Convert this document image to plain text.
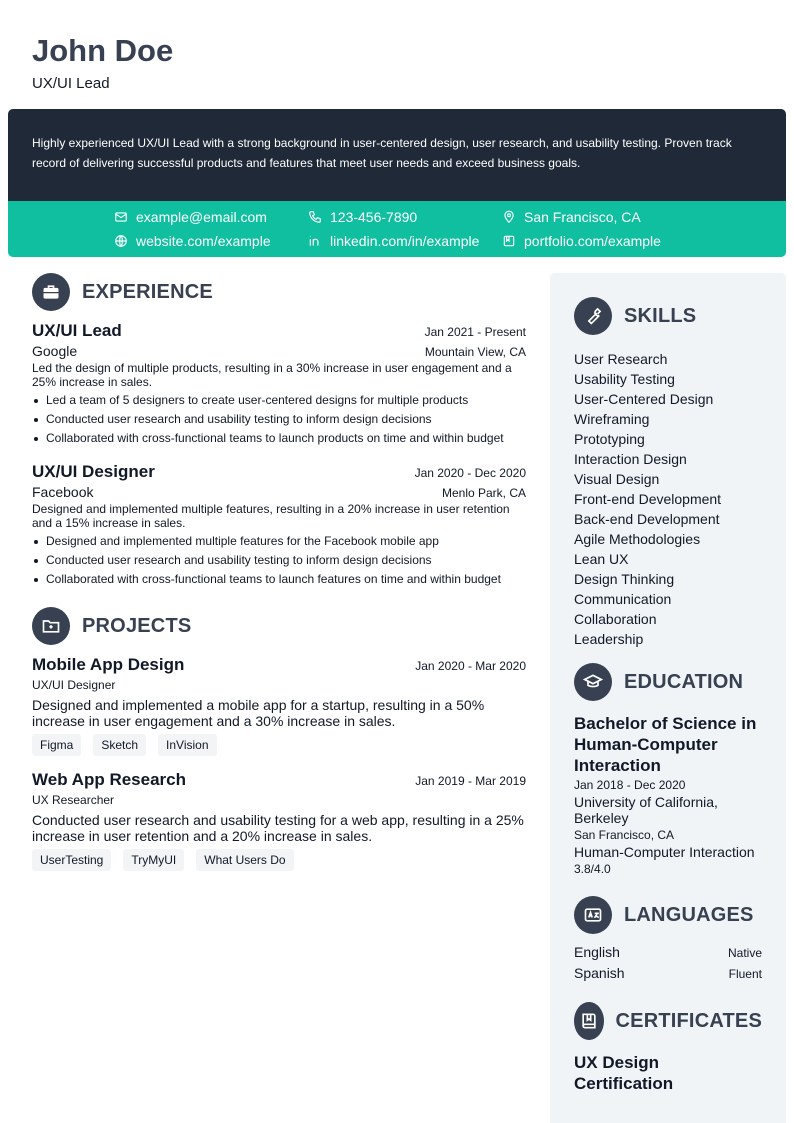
John Doe
UX/UI Lead

Highly experienced UX/UI Lead with a strong background in user-centered design, user research, and usability testing. Proven track record of delivering successful products and features that meet user needs and exceed business goals.

example@email.com	123-456-7890	San Francisco, CA
website.com/example	linkedin.com/in/example	portfolio.com/example
EXPERIENCE
UX/UI Lead	Jan 2021 - Present
Google	Mountain View, CA

Led the design of multiple products, resulting in a 30% increase in user engagement and a 25% increase in sales.

Led a team of 5 designers to create user-centered designs for multiple products
Conducted user research and usability testing to inform design decisions
Collaborated with cross-functional teams to launch products on time and within budget
UX/UI Designer	Jan 2020 - Dec 2020
Facebook	Menlo Park, CA

Designed and implemented multiple features, resulting in a 20% increase in user retention and a 15% increase in sales.

Designed and implemented multiple features for the Facebook mobile app
Conducted user research and usability testing to inform design decisions
Collaborated with cross-functional teams to launch features on time and within budget
PROJECTS
Mobile App Design	Jan 2020 - Mar 2020
UX/UI Designer

Designed and implemented a mobile app for a startup, resulting in a 50% increase in user engagement and a 30% increase in sales.

Figma	Sketch	InVision
Web App Research	Jan 2019 - Mar 2019
UX Researcher

Conducted user research and usability testing for a web app, resulting in a 25% increase in user retention and a 20% increase in sales.

UserTesting	TryMyUI	What Users Do
SKILLS
User Research
Usability Testing
User-Centered Design
Wireframing
Prototyping
Interaction Design
Visual Design
Front-end Development
Back-end Development
Agile Methodologies
Lean UX
Design Thinking
Communication
Collaboration
Leadership
EDUCATION
Bachelor of Science in Human-Computer Interaction
Jan 2018 - Dec 2020
University of California, Berkeley
San Francisco, CA
Human-Computer Interaction
3.8/4.0
LANGUAGES
English	Native
Spanish	Fluent
CERTIFICATES
UX Design Certification
